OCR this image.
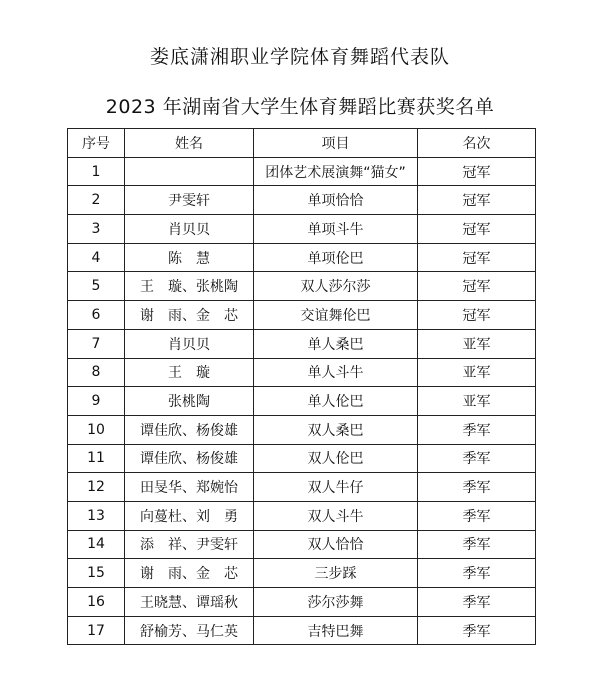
娄底潇湘职业学院体育舞蹈代表队
2023 年湖南省大学生体育舞蹈比赛获奖名单
序号	姓名	项目	名次
1		团体艺术展演舞“猫女”	冠军
2	尹雯轩	单项恰恰	冠军
3	肖贝贝	单项斗牛	冠军
4	陈　慧	单项伦巴	冠军
5	王　璇、张桃陶	双人莎尔莎	冠军
6	谢　雨、金　芯	交谊舞伦巴	冠军
7	肖贝贝	单人桑巴	亚军
8	王　璇	单人斗牛	亚军
9	张桃陶	单人伦巴	亚军
10	谭佳欣、杨俊雄	双人桑巴	季军
11	谭佳欣、杨俊雄	双人伦巴	季军
12	田旻华、郑婉怡	双人牛仔	季军
13	向蔓杜、刘　勇	双人斗牛	季军
14	添　祥、尹雯轩	双人恰恰	季军
15	谢　雨、金　芯	三步踩	季军
16	王晓慧、谭瑶秋	莎尔莎舞	季军
17	舒榆芳、马仁英	吉特巴舞	季军
